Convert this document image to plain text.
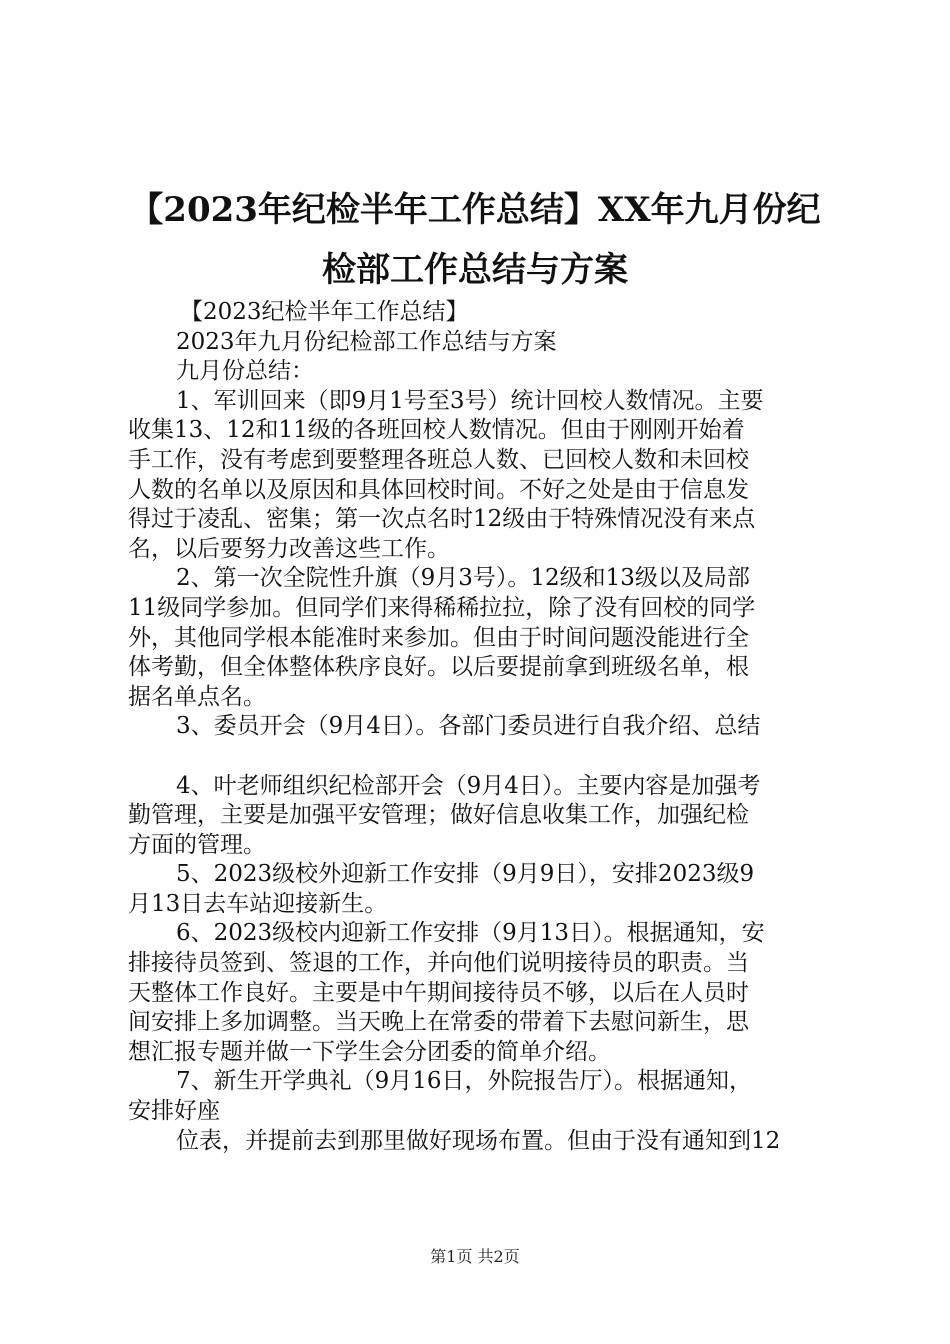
【2023年纪检半年工作总结】XX年九月份纪
检部工作总结与方案
【2023纪检半年工作总结】
2023年九月份纪检部工作总结与方案
九月份总结：
1、军训回来（即9月1号至3号）统计回校人数情况。主要
收集13、12和11级的各班回校人数情况。但由于刚刚开始着
手工作，没有考虑到要整理各班总人数、已回校人数和未回校
人数的名单以及原因和具体回校时间。不好之处是由于信息发
得过于凌乱、密集；第一次点名时12级由于特殊情况没有来点
名，以后要努力改善这些工作。
2、第一次全院性升旗（9月3号）。12级和13级以及局部
11级同学参加。但同学们来得稀稀拉拉，除了没有回校的同学
外，其他同学根本能准时来参加。但由于时间问题没能进行全
体考勤，但全体整体秩序良好。以后要提前拿到班级名单，根
据名单点名。
3、委员开会（9月4日）。各部门委员进行自我介绍、总结
4、叶老师组织纪检部开会（9月4日）。主要内容是加强考
勤管理，主要是加强平安管理；做好信息收集工作，加强纪检
方面的管理。
5、2023级校外迎新工作安排（9月9日），安排2023级9
月13日去车站迎接新生。
6、2023级校内迎新工作安排（9月13日）。根据通知，安
排接待员签到、签退的工作，并向他们说明接待员的职责。当
天整体工作良好。主要是中午期间接待员不够，以后在人员时
间安排上多加调整。当天晚上在常委的带着下去慰问新生，思
想汇报专题并做一下学生会分团委的简单介绍。
7、新生开学典礼（9月16日，外院报告厅）。根据通知，
安排好座
位表，并提前去到那里做好现场布置。但由于没有通知到12
第1页 共2页
